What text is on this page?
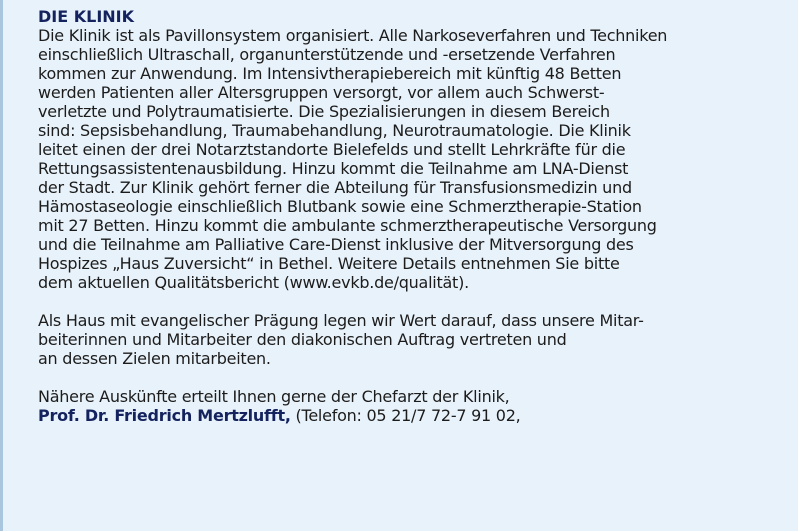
DIE KLINIK

Die Klinik ist als Pavillonsystem organisiert. Alle Narkoseverfahren und Techniken
einschließlich Ultraschall, organunterstützende und -ersetzende Verfahren
kommen zur Anwendung. Im Intensivtherapiebereich mit künftig 48 Betten
werden Patienten aller Altersgruppen versorgt, vor allem auch Schwerst-
verletzte und Polytraumatisierte. Die Spezialisierungen in diesem Bereich
sind: Sepsisbehandlung, Traumabehandlung, Neurotraumatologie. Die Klinik
leitet einen der drei Notarztstandorte Bielefelds und stellt Lehrkräfte für die
Rettungsassistentenausbildung. Hinzu kommt die Teilnahme am LNA-Dienst
der Stadt. Zur Klinik gehört ferner die Abteilung für Transfusionsmedizin und
Hämostaseologie einschließlich Blutbank sowie eine Schmerztherapie-Station
mit 27 Betten. Hinzu kommt die ambulante schmerztherapeutische Versorgung
und die Teilnahme am Palliative Care-Dienst inklusive der Mitversorgung des
Hospizes „Haus Zuversicht“ in Bethel. Weitere Details entnehmen Sie bitte
dem aktuellen Qualitätsbericht (www.evkb.de/qualität).

Als Haus mit evangelischer Prägung legen wir Wert darauf, dass unsere Mitar-
beiterinnen und Mitarbeiter den diakonischen Auftrag vertreten und
an dessen Zielen mitarbeiten.

Nähere Auskünfte erteilt Ihnen gerne der Chefarzt der Klinik,
Prof. Dr. Friedrich Mertzlufft, (Telefon: 05 21/7 72-7 91 02,
